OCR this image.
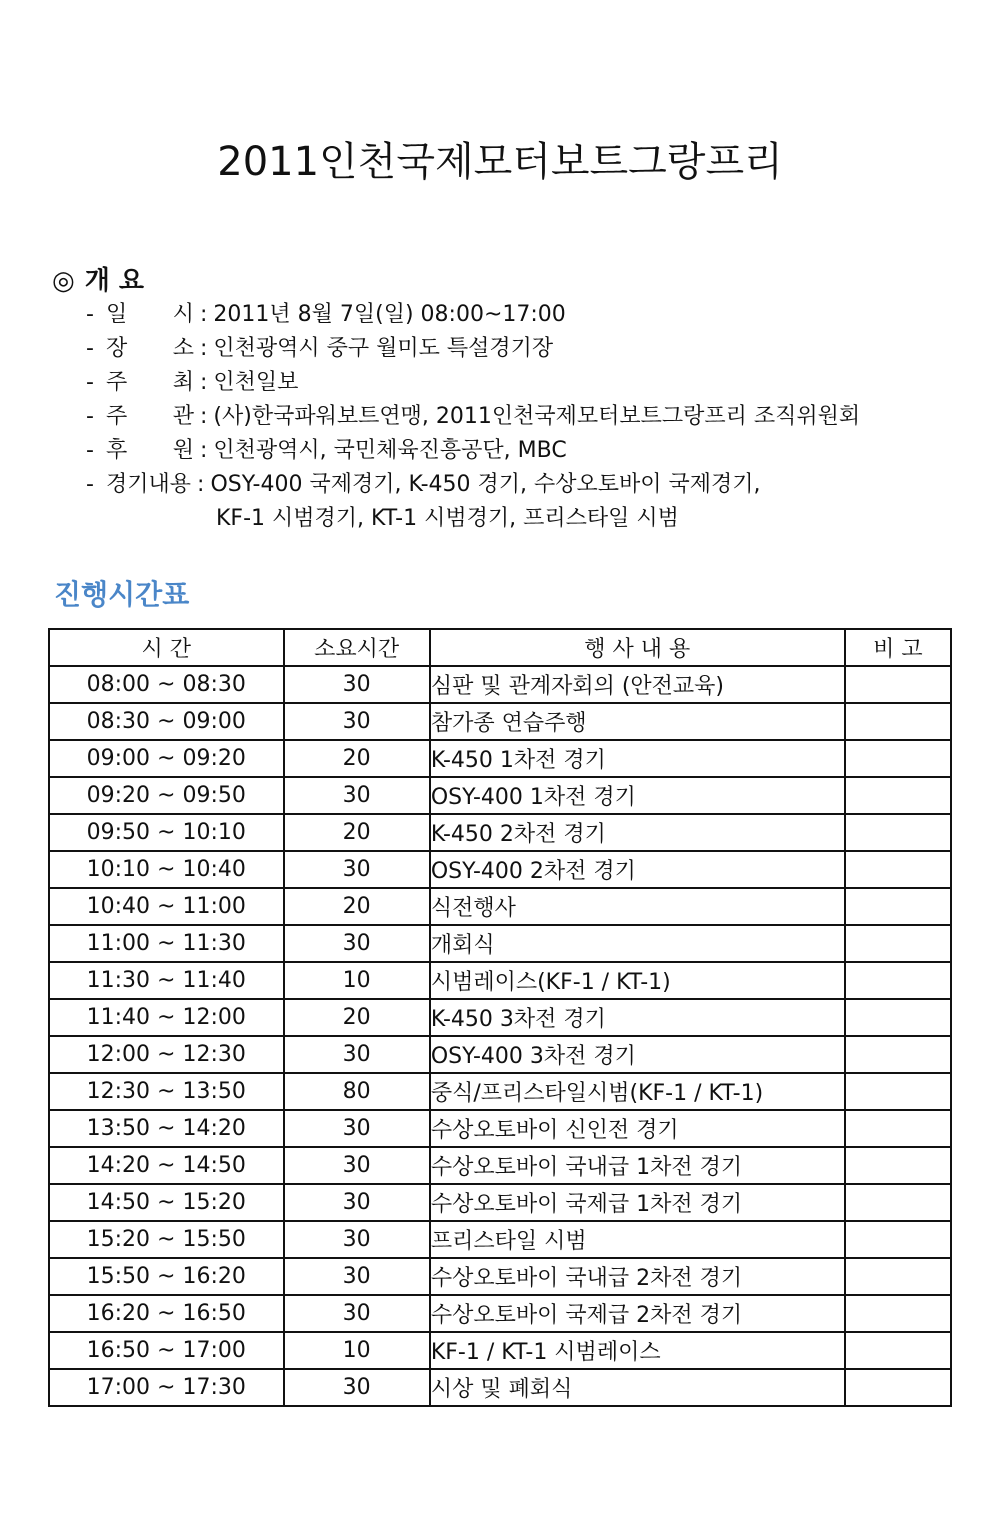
2011인천국제모터보트그랑프리
◎ 개 요
- 일 시 : 2011년 8월 7일(일) 08:00~17:00
- 장 소 : 인천광역시 중구 월미도 특설경기장
- 주 최 : 인천일보
- 주 관 : (사)한국파워보트연맹, 2011인천국제모터보트그랑프리 조직위원회
- 후 원 : 인천광역시, 국민체육진흥공단, MBC
- 경기내용 : OSY-400 국제경기, K-450 경기, 수상오토바이 국제경기,
KF-1 시범경기, KT-1 시범경기, 프리스타일 시범
진행시간표
시 간	소요시간	행 사 내 용	비 고
08:00 ~ 08:30	30	심판 및 관계자회의 (안전교육)	
08:30 ~ 09:00	30	참가종 연습주행	
09:00 ~ 09:20	20	K-450 1차전 경기	
09:20 ~ 09:50	30	OSY-400 1차전 경기	
09:50 ~ 10:10	20	K-450 2차전 경기	
10:10 ~ 10:40	30	OSY-400 2차전 경기	
10:40 ~ 11:00	20	식전행사	
11:00 ~ 11:30	30	개회식	
11:30 ~ 11:40	10	시범레이스(KF-1 / KT-1)	
11:40 ~ 12:00	20	K-450 3차전 경기	
12:00 ~ 12:30	30	OSY-400 3차전 경기	
12:30 ~ 13:50	80	중식/프리스타일시범(KF-1 / KT-1)	
13:50 ~ 14:20	30	수상오토바이 신인전 경기	
14:20 ~ 14:50	30	수상오토바이 국내급 1차전 경기	
14:50 ~ 15:20	30	수상오토바이 국제급 1차전 경기	
15:20 ~ 15:50	30	프리스타일 시범	
15:50 ~ 16:20	30	수상오토바이 국내급 2차전 경기	
16:20 ~ 16:50	30	수상오토바이 국제급 2차전 경기	
16:50 ~ 17:00	10	KF-1 / KT-1 시범레이스	
17:00 ~ 17:30	30	시상 및 폐회식	
